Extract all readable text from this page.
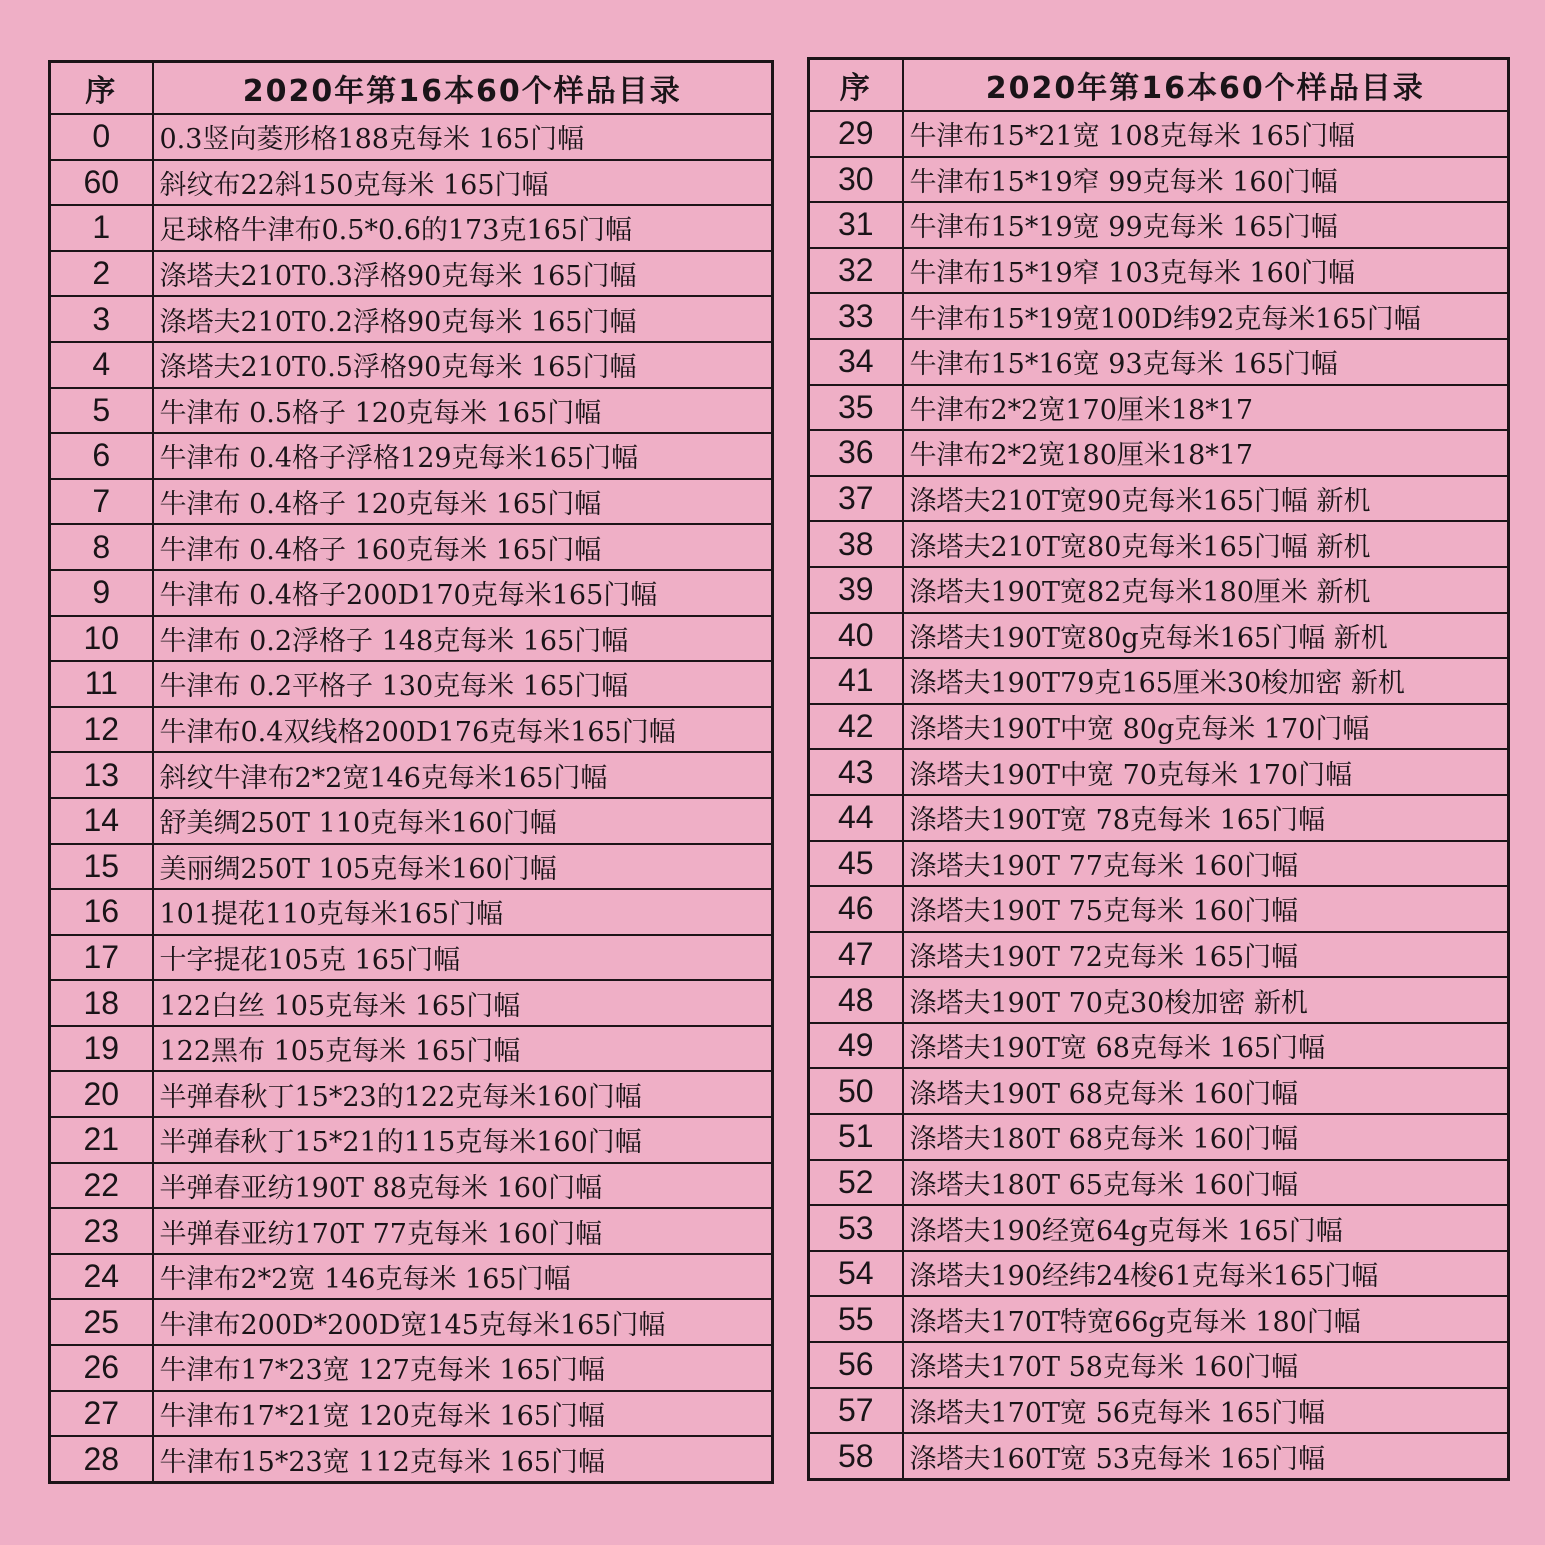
序	2020年第16本60个样品目录
0	0.3竖向菱形格188克每米 165门幅
60	斜纹布22斜150克每米 165门幅
1	足球格牛津布0.5*0.6的173克165门幅
2	涤塔夫210T0.3浮格90克每米 165门幅
3	涤塔夫210T0.2浮格90克每米 165门幅
4	涤塔夫210T0.5浮格90克每米 165门幅
5	牛津布 0.5格子 120克每米 165门幅
6	牛津布 0.4格子浮格129克每米165门幅
7	牛津布 0.4格子 120克每米 165门幅
8	牛津布 0.4格子 160克每米 165门幅
9	牛津布 0.4格子200D170克每米165门幅
10	牛津布 0.2浮格子 148克每米 165门幅
11	牛津布 0.2平格子 130克每米 165门幅
12	牛津布0.4双线格200D176克每米165门幅
13	斜纹牛津布2*2宽146克每米165门幅
14	舒美绸250T 110克每米160门幅
15	美丽绸250T 105克每米160门幅
16	101提花110克每米165门幅
17	十字提花105克 165门幅
18	122白丝 105克每米 165门幅
19	122黑布 105克每米 165门幅
20	半弹春秋丁15*23的122克每米160门幅
21	半弹春秋丁15*21的115克每米160门幅
22	半弹春亚纺190T 88克每米 160门幅
23	半弹春亚纺170T 77克每米 160门幅
24	牛津布2*2宽 146克每米 165门幅
25	牛津布200D*200D宽145克每米165门幅
26	牛津布17*23宽 127克每米 165门幅
27	牛津布17*21宽 120克每米 165门幅
28	牛津布15*23宽 112克每米 165门幅
序	2020年第16本60个样品目录
29	牛津布15*21宽 108克每米 165门幅
30	牛津布15*19窄 99克每米 160门幅
31	牛津布15*19宽 99克每米 165门幅
32	牛津布15*19窄 103克每米 160门幅
33	牛津布15*19宽100D纬92克每米165门幅
34	牛津布15*16宽 93克每米 165门幅
35	牛津布2*2宽170厘米18*17
36	牛津布2*2宽180厘米18*17
37	涤塔夫210T宽90克每米165门幅 新机
38	涤塔夫210T宽80克每米165门幅 新机
39	涤塔夫190T宽82克每米180厘米 新机
40	涤塔夫190T宽80g克每米165门幅 新机
41	涤塔夫190T79克165厘米30梭加密 新机
42	涤塔夫190T中宽 80g克每米 170门幅
43	涤塔夫190T中宽 70克每米 170门幅
44	涤塔夫190T宽 78克每米 165门幅
45	涤塔夫190T 77克每米 160门幅
46	涤塔夫190T 75克每米 160门幅
47	涤塔夫190T 72克每米 165门幅
48	涤塔夫190T 70克30梭加密 新机
49	涤塔夫190T宽 68克每米 165门幅
50	涤塔夫190T 68克每米 160门幅
51	涤塔夫180T 68克每米 160门幅
52	涤塔夫180T 65克每米 160门幅
53	涤塔夫190经宽64g克每米 165门幅
54	涤塔夫190经纬24梭61克每米165门幅
55	涤塔夫170T特宽66g克每米 180门幅
56	涤塔夫170T 58克每米 160门幅
57	涤塔夫170T宽 56克每米 165门幅
58	涤塔夫160T宽 53克每米 165门幅
